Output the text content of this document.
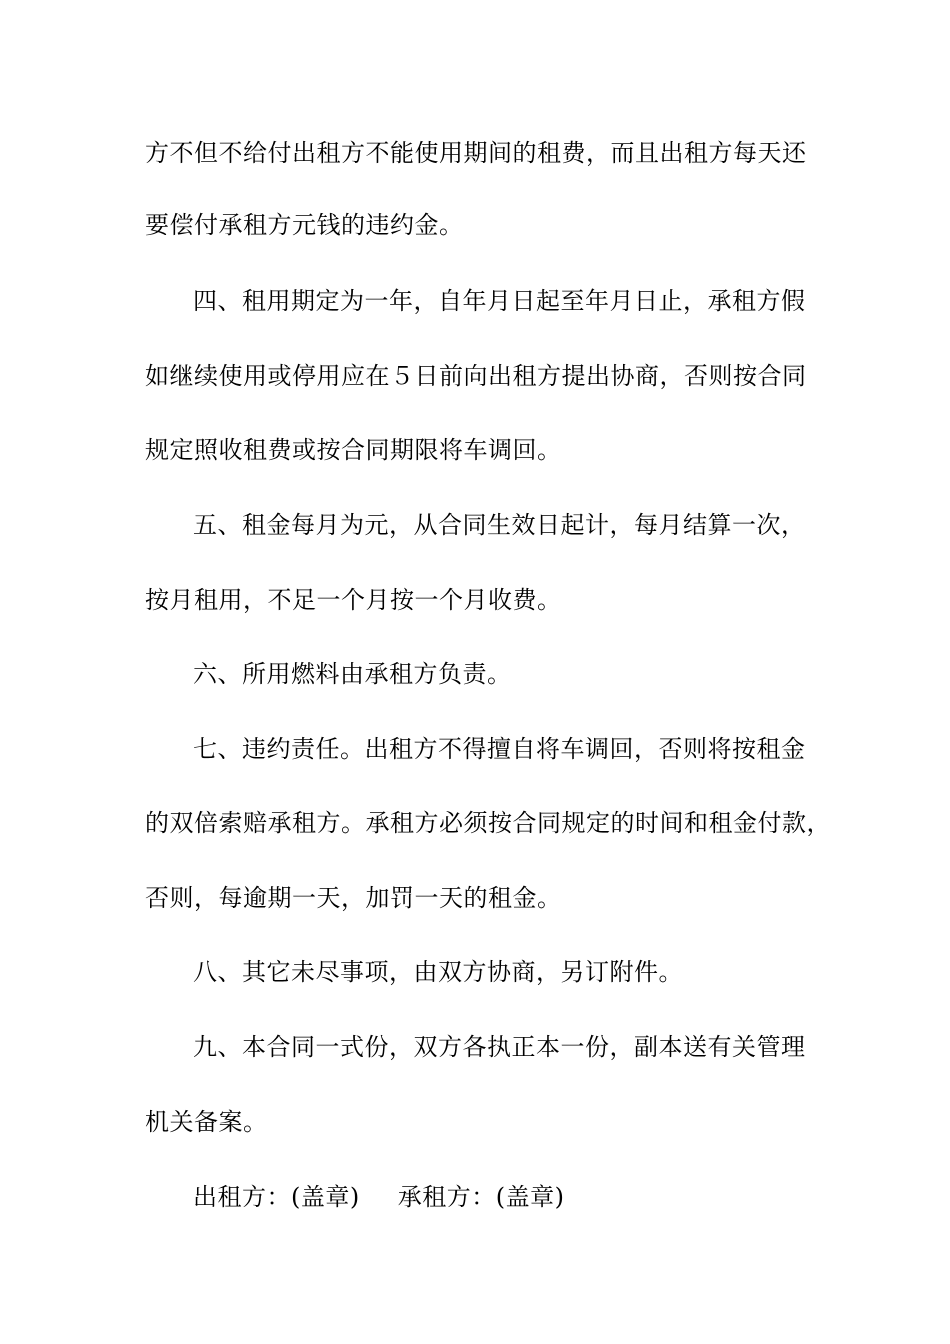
方不但不给付出租方不能使用期间的租费，而且出租方每天还
要偿付承租方元钱的违约金。
四、租用期定为一年，自年月日起至年月日止，承租方假
如继续使用或停用应在５日前向出租方提出协商，否则按合同
规定照收租费或按合同期限将车调回。
五、租金每月为元，从合同生效日起计，每月结算一次，
按月租用，不足一个月按一个月收费。
六、所用燃料由承租方负责。
七、违约责任。出租方不得擅自将车调回，否则将按租金
的双倍索赔承租方。承租方必须按合同规定的时间和租金付款，
否则，每逾期一天，加罚一天的租金。
八、其它未尽事项，由双方协商，另订附件。
九、本合同一式份，双方各执正本一份，副本送有关管理
机关备案。
出租方：(盖章) 承租方：(盖章)
